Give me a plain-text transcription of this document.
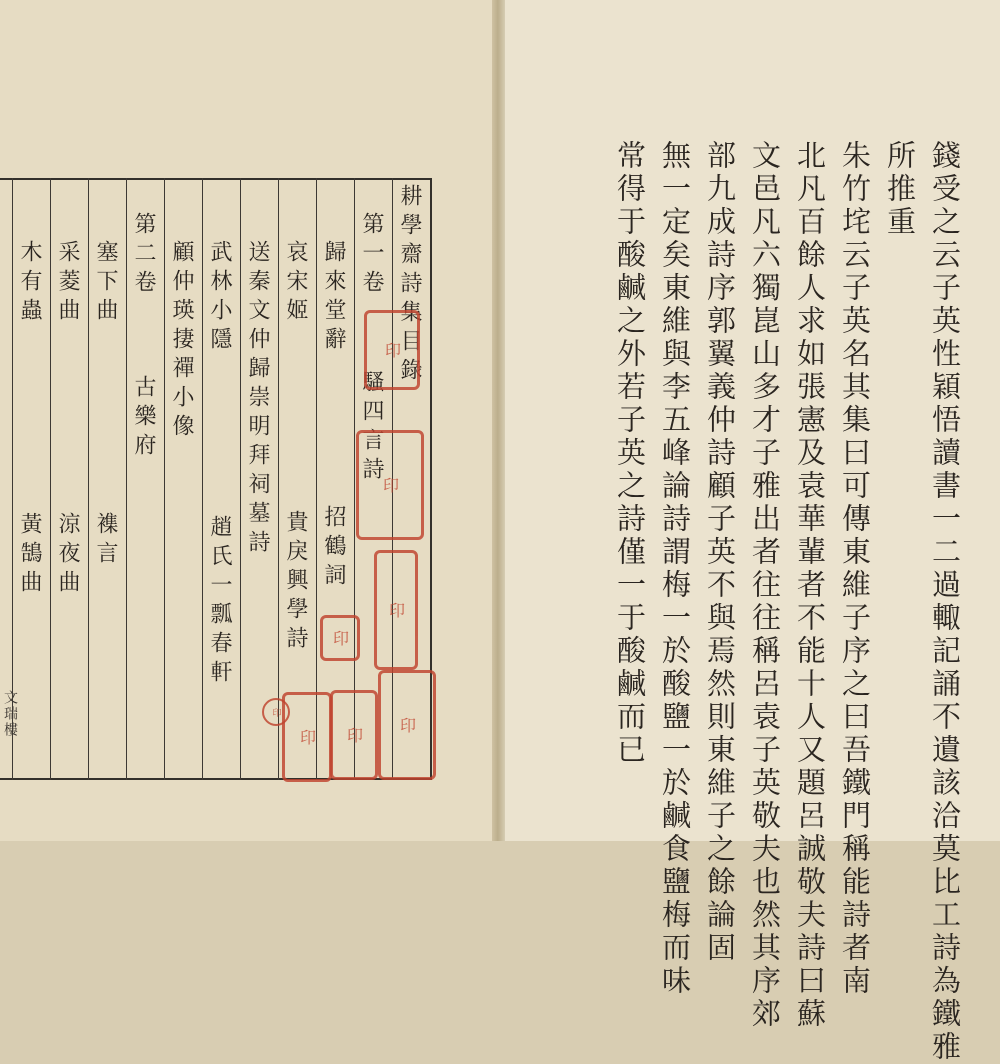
耕學齋詩集目錄
第一卷
歸來堂辭
哀宋姬
送秦文仲歸崇明拜祠墓詩
武林小隱
顧仲瑛捿禪小像
第二卷
塞下曲
采菱曲
木有蟲
騷四言詩
招鶴詞
貴戾興學詩
趙氏一瓢春軒
古樂府
襍言
涼夜曲
黃鵠曲
印
印
印
印
印
印
印
印
文瑞樓	錢受之云子英性穎悟讀書一二過輙記誦不遺該洽莫比工詩為鐵雅
所推重
朱竹垞云子英名其集曰可傳東維子序之曰吾鐵門稱能詩者南
北凡百餘人求如張憲及袁華輩者不能十人又題呂誠敬夫詩曰蘇
文邑凡六獨崑山多才子雅出者往往稱呂袁子英敬夫也然其序郊
部九成詩序郭翼義仲詩顧子英不與焉然則東維子之餘論固
無一定矣東維與李五峰論詩謂梅一於酸鹽一於鹹食鹽梅而味
常得于酸鹹之外若子英之詩僅一于酸鹹而已
